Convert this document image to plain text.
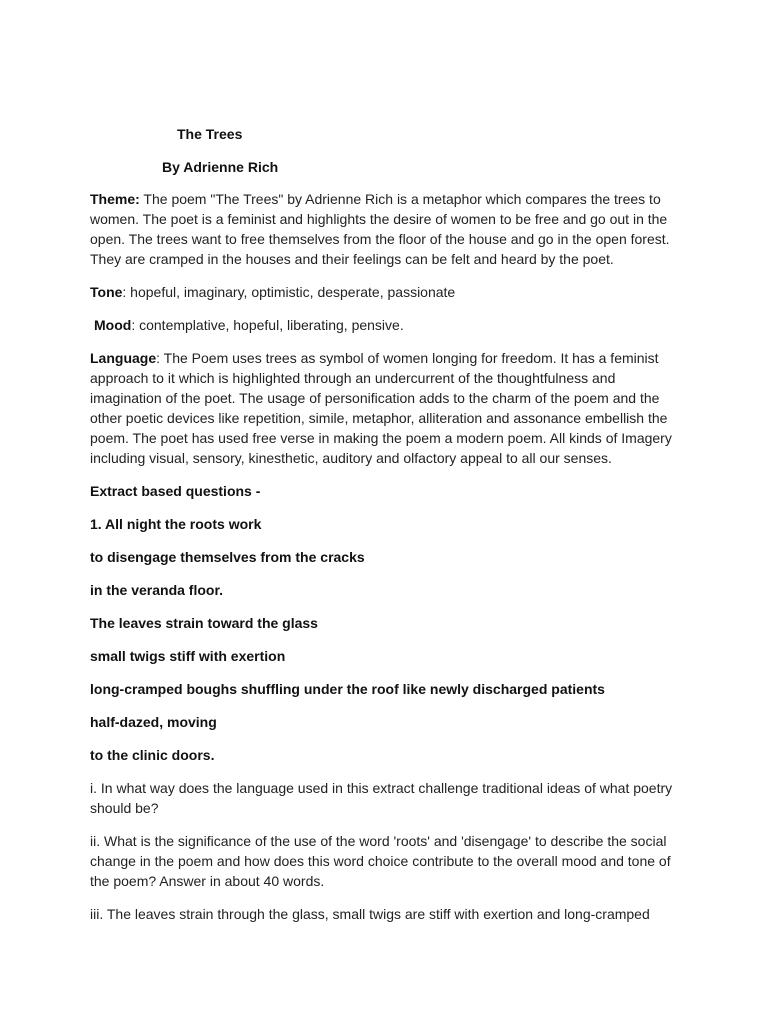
The Trees

By Adrienne Rich

Theme: The poem "The Trees" by Adrienne Rich is a metaphor which compares the trees to women. The poet is a feminist and highlights the desire of women to be free and go out in the open. The trees want to free themselves from the floor of the house and go in the open forest. They are cramped in the houses and their feelings can be felt and heard by the poet.

Tone: hopeful, imaginary, optimistic, desperate, passionate

Mood: contemplative, hopeful, liberating, pensive.

Language: The Poem uses trees as symbol of women longing for freedom. It has a feminist approach to it which is highlighted through an undercurrent of the thoughtfulness and imagination of the poet. The usage of personification adds to the charm of the poem and the other poetic devices like repetition, simile, metaphor, alliteration and assonance embellish the poem. The poet has used free verse in making the poem a modern poem. All kinds of Imagery including visual, sensory, kinesthetic, auditory and olfactory appeal to all our senses.

Extract based questions -

1. All night the roots work

to disengage themselves from the cracks

in the veranda floor.

The leaves strain toward the glass

small twigs stiff with exertion

long-cramped boughs shuffling under the roof like newly discharged patients

half-dazed, moving

to the clinic doors.

i. In what way does the language used in this extract challenge traditional ideas of what poetry should be?

ii. What is the significance of the use of the word 'roots' and 'disengage' to describe the social change in the poem and how does this word choice contribute to the overall mood and tone of the poem? Answer in about 40 words.

iii. The leaves strain through the glass, small twigs are stiff with exertion and long-cramped
